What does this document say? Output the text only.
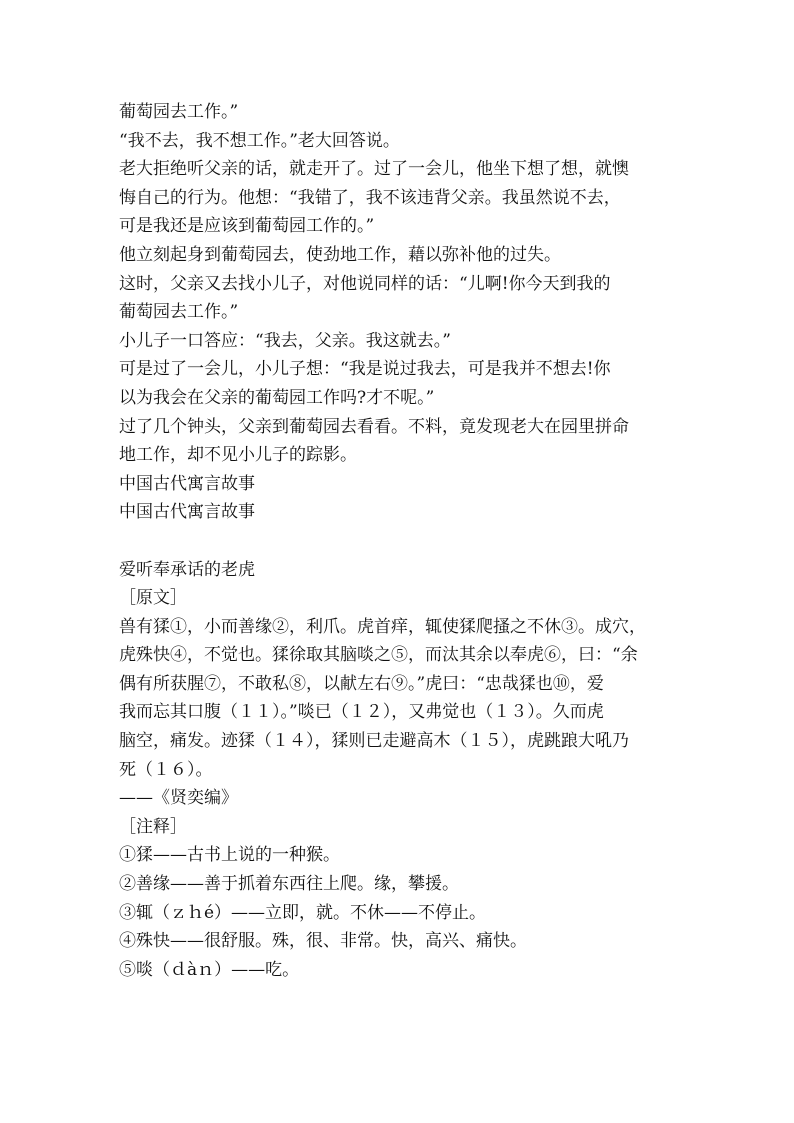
葡萄园去工作。”
“我不去，我不想工作。”老大回答说。
老大拒绝听父亲的话，就走开了。过了一会儿，他坐下想了想，就懊
悔自己的行为。他想：“我错了，我不该违背父亲。我虽然说不去，
可是我还是应该到葡萄园工作的。”
他立刻起身到葡萄园去，使劲地工作，藉以弥补他的过失。
这时，父亲又去找小儿子，对他说同样的话：“儿啊!你今天到我的
葡萄园去工作。”
小儿子一口答应：“我去，父亲。我这就去。”
可是过了一会儿，小儿子想：“我是说过我去，可是我并不想去!你
以为我会在父亲的葡萄园工作吗?才不呢。”
过了几个钟头，父亲到葡萄园去看看。不料，竟发现老大在园里拼命
地工作，却不见小儿子的踪影。
中国古代寓言故事
中国古代寓言故事
爱听奉承话的老虎
［原文］
兽有猱①，小而善缘②，利爪。虎首痒，辄使猱爬搔之不休③。成穴，
虎殊快④，不觉也。猱徐取其脑啖之⑤，而汰其余以奉虎⑥，曰：“余
偶有所获腥⑦，不敢私⑧，以献左右⑨。”虎曰：“忠哉猱也⑩，爱
我而忘其口腹（１１）。”啖已（１２），又弗觉也（１３）。久而虎
脑空，痛发。迹猱（１４），猱则已走避高木（１５），虎跳踉大吼乃
死（１６）。
——《贤奕编》
［注释］
①猱——古书上说的一种猴。
②善缘——善于抓着东西往上爬。缘，攀援。
③辄（ｚｈé）——立即，就。不休——不停止。
④殊快——很舒服。殊，很、非常。快，高兴、痛快。
⑤啖（ｄàｎ）——吃。
